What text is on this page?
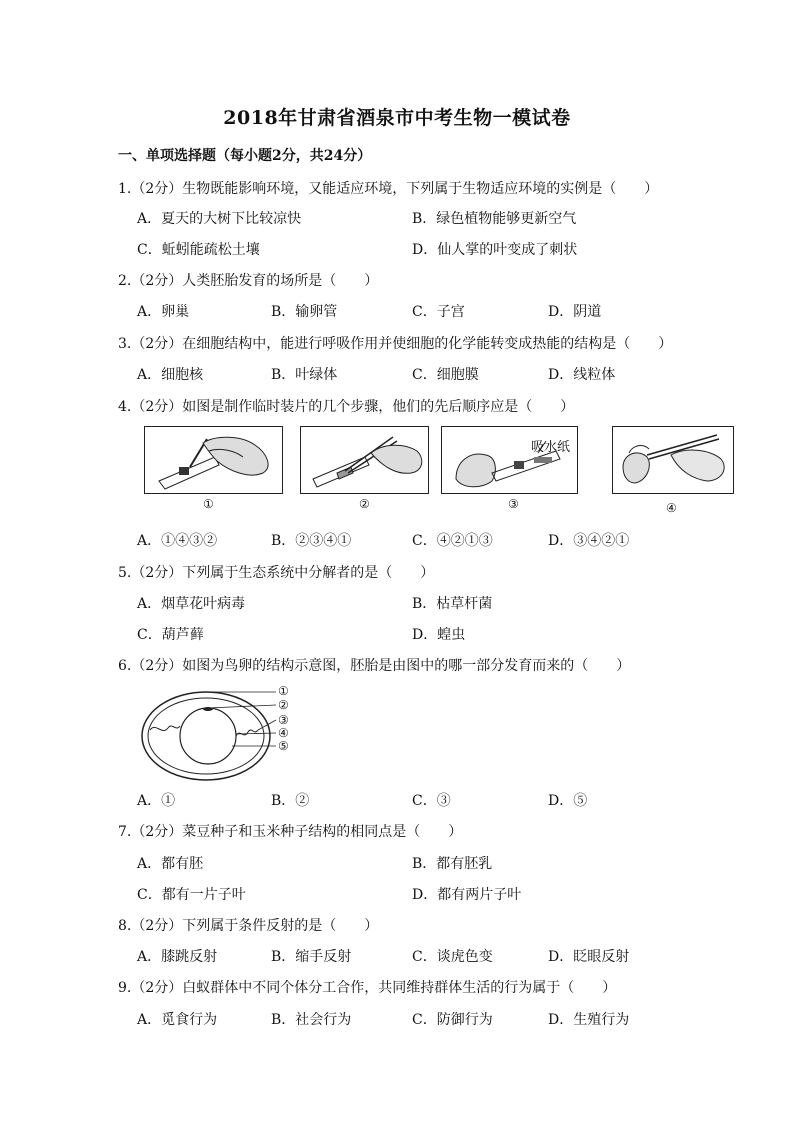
2018年甘肃省酒泉市中考生物一模试卷
一、单项选择题（每小题2分，共24分）
1.（2分）生物既能影响环境，又能适应环境，下列属于生物适应环境的实例是（　　）
A．夏天的大树下比较凉快	B．绿色植物能够更新空气
C．蚯蚓能疏松土壤	D．仙人掌的叶变成了刺状
2.（2分）人类胚胎发育的场所是（　　）
A．卵巢	B．输卵管	C．子宫	D．阴道
3.（2分）在细胞结构中，能进行呼吸作用并使细胞的化学能转变成热能的结构是（　　）
A．细胞核	B．叶绿体	C．细胞膜	D．线粒体
4.（2分）如图是制作临时装片的几个步骤，他们的先后顺序应是（　　）
①	②
吸水纸
③	④
A．①④③②	B．②③④①	C．④②①③	D．③④②①
5.（2分）下列属于生态系统中分解者的是（　　）
A．烟草花叶病毒	B．枯草杆菌
C．葫芦藓	D．蝗虫
6.（2分）如图为鸟卵的结构示意图，胚胎是由图中的哪一部分发育而来的（　　）
①
②
③
④
⑤
A．①	B．②	C．③	D．⑤
7.（2分）菜豆种子和玉米种子结构的相同点是（　　）
A．都有胚	B．都有胚乳
C．都有一片子叶	D．都有两片子叶
8.（2分）下列属于条件反射的是（　　）
A．膝跳反射	B．缩手反射	C．谈虎色变	D．眨眼反射
9.（2分）白蚁群体中不同个体分工合作，共同维持群体生活的行为属于（　　）
A．觅食行为	B．社会行为	C．防御行为	D．生殖行为
